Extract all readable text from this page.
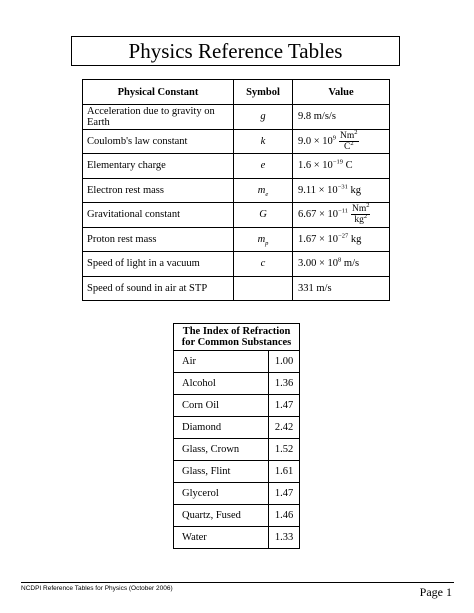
Physics Reference Tables
Physical Constant	Symbol	Value
Acceleration due to gravity on Earth	g	9.8 m/s/s
Coulomb's law constant	k	$9.0 \times 10^9 \frac{Nm^2}{C^2}$

Elementary charge	e	$1.6 \times 10^{-19}$ C
Electron rest mass	$m_e$	$9.11 \times 10^{-31}$ kg
Gravitational constant	G	$6.67 \times 10^{-11} \frac{Nm^2}{kg^2}$

Proton rest mass	$m_p$	$1.67 \times 10^{-27}$ kg
Speed of light in a vacuum	c	$3.00 \times 10^8$ m/s
Speed of sound in air at STP		331 m/s
The Index of Refraction
for Common Substances	
Air	1.00
Alcohol	1.36
Corn Oil	1.47
Diamond	2.42
Glass, Crown	1.52
Glass, Flint	1.61
Glycerol	1.47
Quartz, Fused	1.46
Water	1.33
NCDPI Reference Tables for Physics (October 2006)	Page 1
